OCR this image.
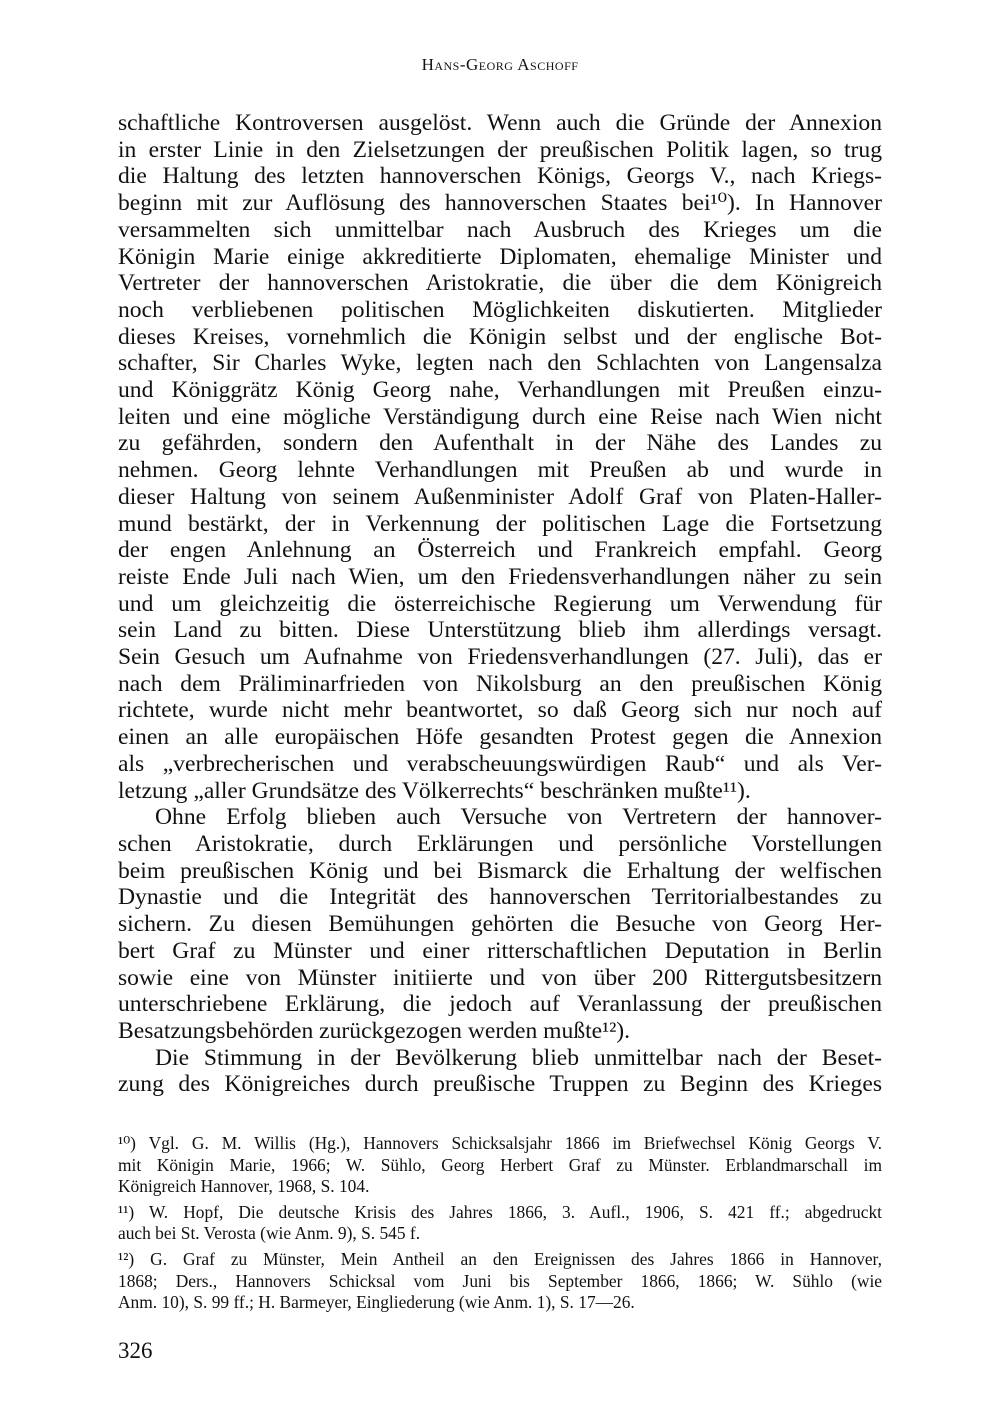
Hans-Georg Aschoff
schaftliche Kontroversen ausgelöst. Wenn auch die Gründe der Annexion
in erster Linie in den Zielsetzungen der preußischen Politik lagen, so trug
die Haltung des letzten hannoverschen Königs, Georgs V., nach Kriegs-
beginn mit zur Auflösung des hannoverschen Staates bei¹⁰). In Hannover
versammelten sich unmittelbar nach Ausbruch des Krieges um die
Königin Marie einige akkreditierte Diplomaten, ehemalige Minister und
Vertreter der hannoverschen Aristokratie, die über die dem Königreich
noch verbliebenen politischen Möglichkeiten diskutierten. Mitglieder
dieses Kreises, vornehmlich die Königin selbst und der englische Bot-
schafter, Sir Charles Wyke, legten nach den Schlachten von Langensalza
und Königgrätz König Georg nahe, Verhandlungen mit Preußen einzu-
leiten und eine mögliche Verständigung durch eine Reise nach Wien nicht
zu gefährden, sondern den Aufenthalt in der Nähe des Landes zu
nehmen. Georg lehnte Verhandlungen mit Preußen ab und wurde in
dieser Haltung von seinem Außenminister Adolf Graf von Platen-Haller-
mund bestärkt, der in Verkennung der politischen Lage die Fortsetzung
der engen Anlehnung an Österreich und Frankreich empfahl. Georg
reiste Ende Juli nach Wien, um den Friedensverhandlungen näher zu sein
und um gleichzeitig die österreichische Regierung um Verwendung für
sein Land zu bitten. Diese Unterstützung blieb ihm allerdings versagt.
Sein Gesuch um Aufnahme von Friedensverhandlungen (27. Juli), das er
nach dem Präliminarfrieden von Nikolsburg an den preußischen König
richtete, wurde nicht mehr beantwortet, so daß Georg sich nur noch auf
einen an alle europäischen Höfe gesandten Protest gegen die Annexion
als „verbrecherischen und verabscheuungswürdigen Raub“ und als Ver-
letzung „aller Grundsätze des Völkerrechts“ beschränken mußte¹¹).
Ohne Erfolg blieben auch Versuche von Vertretern der hannover-
schen Aristokratie, durch Erklärungen und persönliche Vorstellungen
beim preußischen König und bei Bismarck die Erhaltung der welfischen
Dynastie und die Integrität des hannoverschen Territorialbestandes zu
sichern. Zu diesen Bemühungen gehörten die Besuche von Georg Her-
bert Graf zu Münster und einer ritterschaftlichen Deputation in Berlin
sowie eine von Münster initiierte und von über 200 Rittergutsbesitzern
unterschriebene Erklärung, die jedoch auf Veranlassung der preußischen
Besatzungsbehörden zurückgezogen werden mußte¹²).
Die Stimmung in der Bevölkerung blieb unmittelbar nach der Beset-
zung des Königreiches durch preußische Truppen zu Beginn des Krieges
¹⁰) Vgl. G. M. Willis (Hg.), Hannovers Schicksalsjahr 1866 im Briefwechsel König Georgs V.
mit Königin Marie, 1966; W. Sühlo, Georg Herbert Graf zu Münster. Erblandmarschall im
Königreich Hannover, 1968, S. 104.
¹¹) W. Hopf, Die deutsche Krisis des Jahres 1866, 3. Aufl., 1906, S. 421 ff.; abgedruckt
auch bei St. Verosta (wie Anm. 9), S. 545 f.
¹²) G. Graf zu Münster, Mein Antheil an den Ereignissen des Jahres 1866 in Hannover,
1868; Ders., Hannovers Schicksal vom Juni bis September 1866, 1866; W. Sühlo (wie
Anm. 10), S. 99 ff.; H. Barmeyer, Eingliederung (wie Anm. 1), S. 17—26.
326
